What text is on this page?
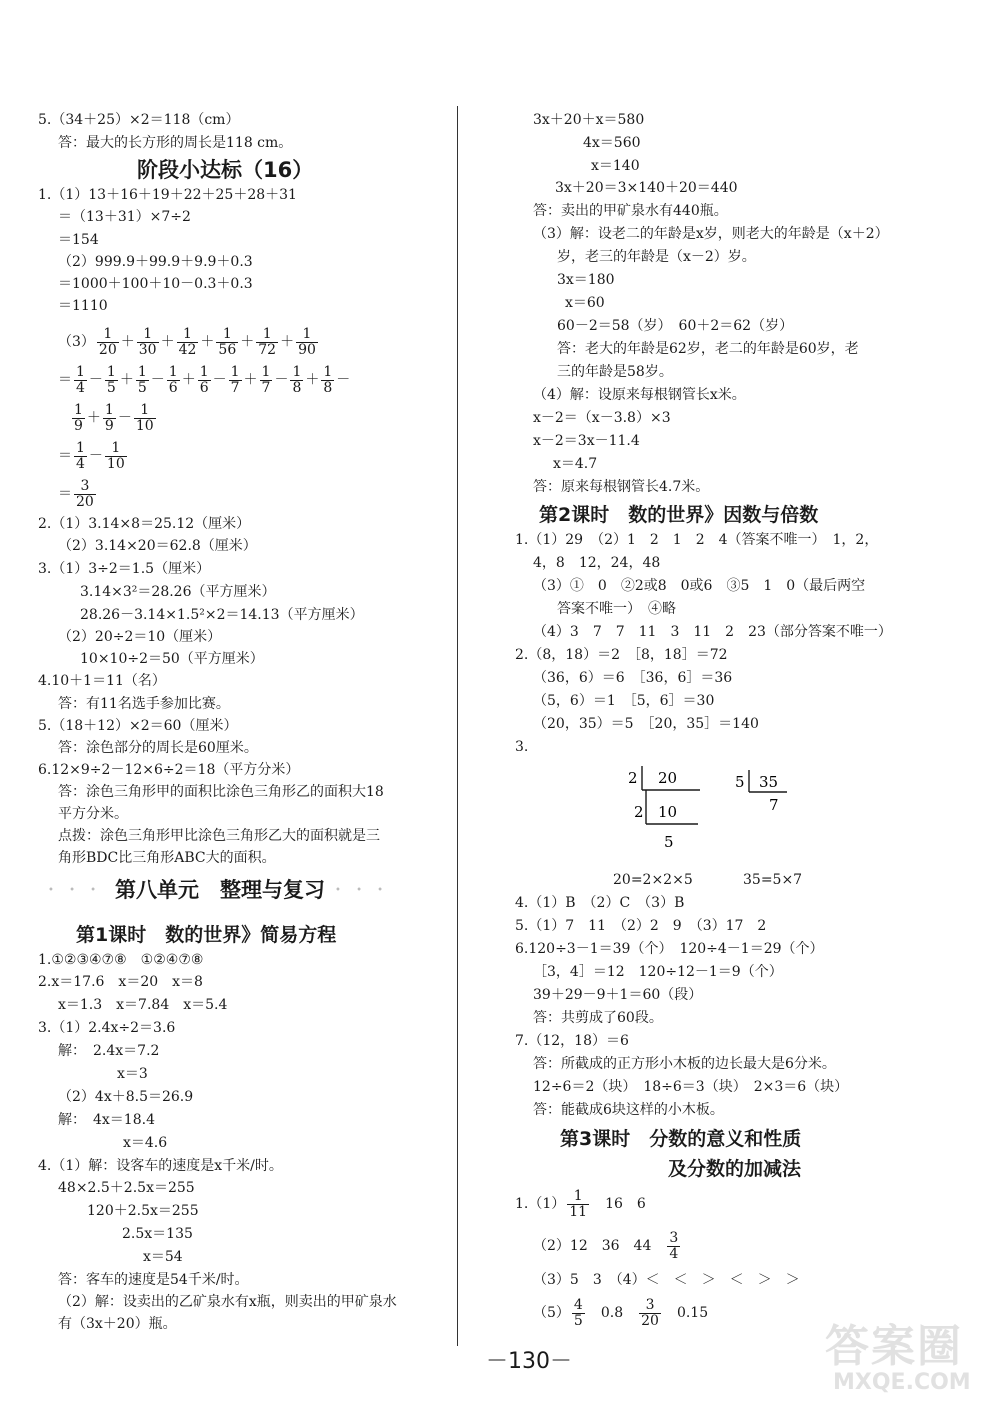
5.（34＋25）×2＝118（cm）
答：最大的长方形的周长是118 cm。
阶段小达标（16）
1.（1）13＋16＋19＋22＋25＋28＋31
＝（13＋31）×7÷2
＝154
（2）999.9＋99.9＋9.9＋0.3
＝1000＋100＋10－0.3＋0.3
＝1110
$(3) \frac{1}{20} + \frac{1}{30} + \frac{1}{42} + \frac{1}{56} + \frac{1}{72} + \frac{1}{90}$
＝ $\frac{1}{4} - \frac{1}{5} + \frac{1}{5} - \frac{1}{6} + \frac{1}{6} - \frac{1}{7} + \frac{1}{7} - \frac{1}{8} + \frac{1}{8}$ －
$\frac{1}{9} + \frac{1}{9} - \frac{1}{10}$
＝ $\frac{1}{4} - \frac{1}{10}$
＝ $\frac{3}{20}$
2.（1）3.14×8＝25.12（厘米）
（2）3.14×20＝62.8（厘米）
3.（1）3÷2＝1.5（厘米）
3.14×3²＝28.26（平方厘米）
28.26－3.14×1.5²×2＝14.13（平方厘米）
（2）20÷2＝10（厘米）
10×10÷2＝50（平方厘米）
4.10＋1＝11（名）
答：有11名选手参加比赛。
5.（18＋12）×2＝60（厘米）
答：涂色部分的周长是60厘米。
6.12×9÷2－12×6÷2＝18（平方分米）
答：涂色三角形甲的面积比涂色三角形乙的面积大18
平方分米。
点拨：涂色三角形甲比涂色三角形乙大的面积就是三
角形BDC比三角形ABC大的面积。
• • • 第八单元　整理与复习 • • •
第1课时　数的世界》简易方程
1.①②③④⑦⑧　①②④⑦⑧
2.x＝17.6　x＝20　x＝8
x＝1.3　x＝7.84　x＝5.4
3.（1）2.4x÷2＝3.6
解：　2.4x＝7.2
x＝3
（2）4x＋8.5＝26.9
解：　4x＝18.4
x＝4.6
4.（1）解：设客车的速度是x千米/时。
48×2.5＋2.5x＝255
120＋2.5x＝255
2.5x＝135
x＝54
答：客车的速度是54千米/时。
（2）解：设卖出的乙矿泉水有x瓶，则卖出的甲矿泉水
有（3x＋20）瓶。
3x＋20＋x＝580
4x＝560
x＝140
3x＋20＝3×140＋20＝440
答：卖出的甲矿泉水有440瓶。
（3）解：设老二的年龄是x岁，则老大的年龄是（x＋2）
岁，老三的年龄是（x－2）岁。
3x＝180
x＝60
60－2＝58（岁）　60＋2＝62（岁）
答：老大的年龄是62岁，老二的年龄是60岁，老
三的年龄是58岁。
（4）解：设原来每根钢管长x米。
x－2＝（x－3.8）×3
x－2＝3x－11.4
x＝4.7
答：原来每根钢管长4.7米。
第2课时　数的世界》因数与倍数
1.（1）29　（2）1　2　1　2　4（答案不唯一）　1，2，
4，8　12，24，48
（3）①　0　②2或8　0或6　③5　1　0（最后两空
答案不唯一）　④略
（4）3　7　7　11　3　11　2　23（部分答案不唯一）
2.（8，18）＝2　［8，18］＝72
（36，6）＝6　［36，6］＝36
（5，6）＝1　［5，6］＝30
（20，35）＝5　［20，35］＝140
3.
2 20
2 10
5
5 35
7
20=2×2×5	35=5×7
4.（1）B　（2）C　（3）B
5.（1）7　11　（2）2　9　（3）17　2
6.120÷3－1＝39（个）　120÷4－1＝29（个）
［3，4］＝12　120÷12－1＝9（个）
39＋29－9＋1＝60（段）
答：共剪成了60段。
7.（12，18）＝6
答：所截成的正方形小木板的边长最大是6分米。
12÷6＝2（块）　18÷6＝3（块）　2×3＝6（块）
答：能截成6块这样的小木板。
第3课时　分数的意义和性质
及分数的加减法
$1.(1) \frac{1}{11}$
　 16　6
（2）12　36　44　 $\frac{3}{4}$
（3）5　3　（4）＜　＜　＞　＜　＞　＞
$(5) \frac{4}{5}$
　 0.8　 $\frac{3}{20}$
　 0.15
－130－	答案圈
MXQE.COM
